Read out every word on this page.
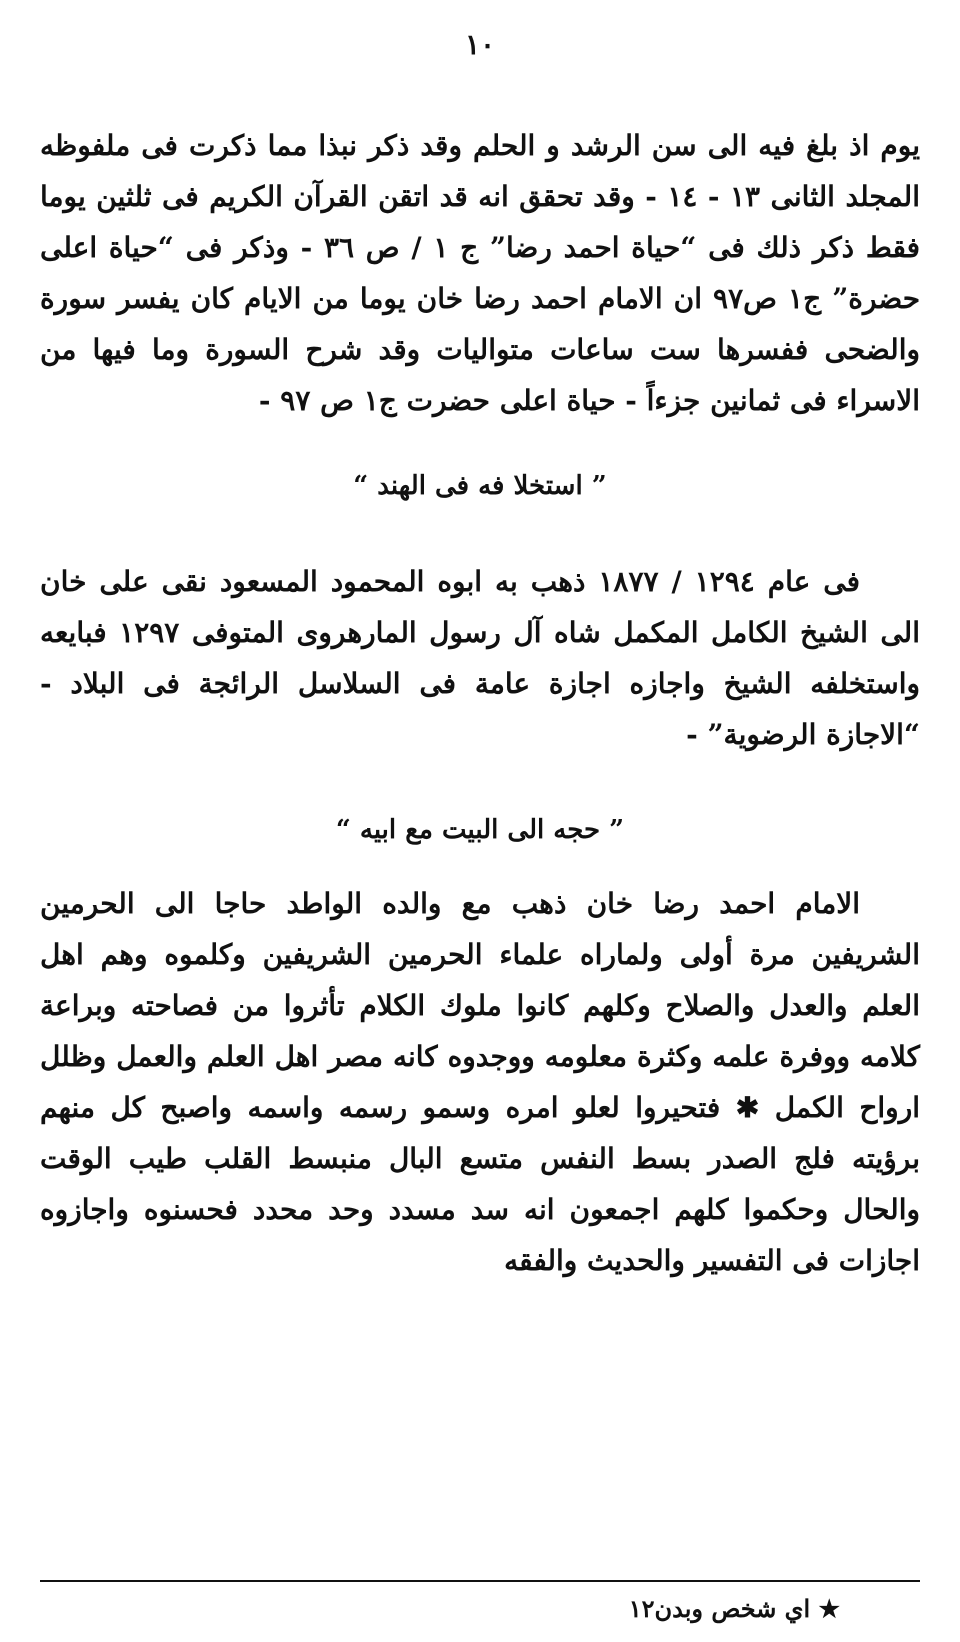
١٠

يوم اذ بلغ فيه الى سن الرشد و الحلم وقد ذكر نبذا مما ذكرت فى ملفوظه المجلد الثانى ١٣ - ١٤ - وقد تحقق انه قد اتقن القرآن الكريم فى ثلثين يوما فقط ذكر ذلك فى “حياة احمد رضا” ج ١ / ص ٣٦ - وذكر فى “حياة اعلى حضرة” ج١ ص٩٧ ان الامام احمد رضا خان يوما من الايام كان يفسر سورة والضحى ففسرها ست ساعات متواليات وقد شرح السورة وما فيها من الاسراء فى ثمانين جزءاً - حياة اعلى حضرت ج١ ص ٩٧ -

” استخلا فه فى الهند “

فى عام ١٢٩٤ / ١٨٧٧ ذهب به ابوه المحمود المسعود نقى على خان الى الشيخ الكامل المكمل شاه آل رسول المارهروى المتوفى ١٢٩٧ فبايعه واستخلفه الشيخ واجازه اجازة عامة فى السلاسل الرائجة فى البلاد - “الاجازة الرضوية” -

” حجه الى البيت مع ابيه “

الامام احمد رضا خان ذهب مع والده الواطد حاجا الى الحرمين الشريفين مرة أولى ولماراه علماء الحرمين الشريفين وكلموه وهم اهل العلم والعدل والصلاح وكلهم كانوا ملوك الكلام تأثروا من فصاحته وبراعة كلامه ووفرة علمه وكثرة معلومه ووجدوه كانه مصر اهل العلم والعمل وظلل ارواح الكمل ✱ فتحيروا لعلو امره وسمو رسمه واسمه واصبح كل منهم برؤيته فلج الصدر بسط النفس متسع البال منبسط القلب طيب الوقت والحال وحكموا كلهم اجمعون انه سد مسدد وحد محدد فحسنوه واجازوه اجازات فى التفسير والحديث والفقه

★ اي شخص وبدن١٢
